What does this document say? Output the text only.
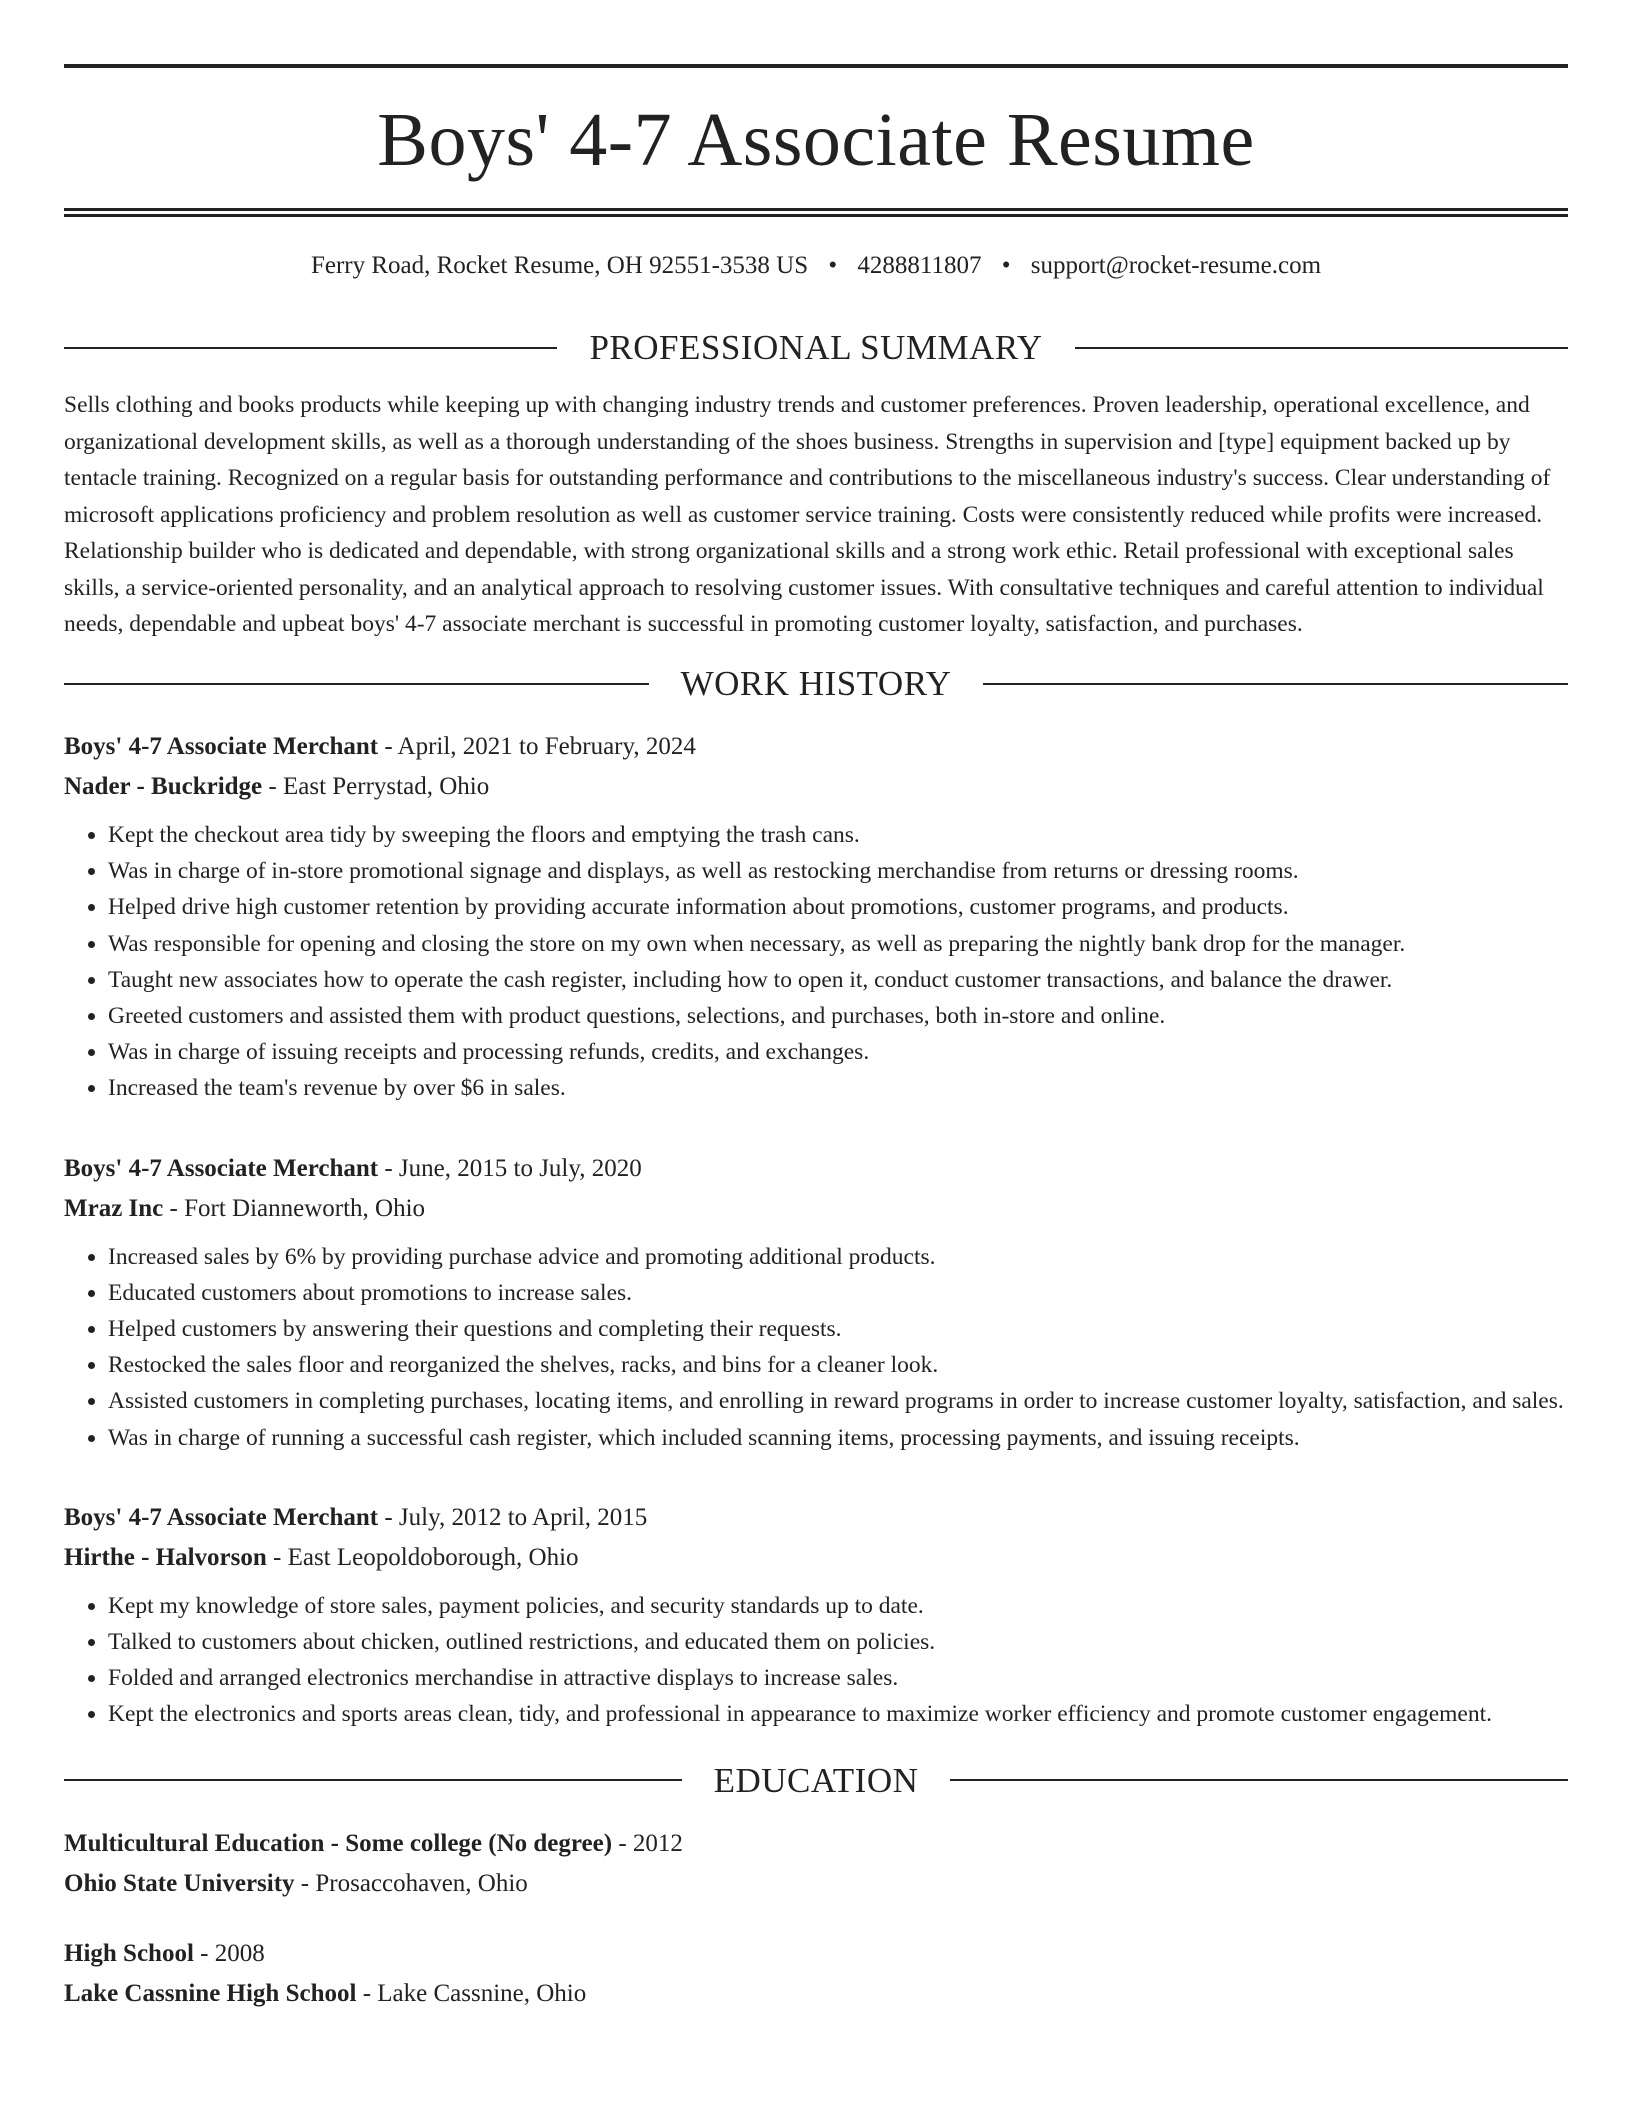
Boys' 4-7 Associate Resume
Ferry Road, Rocket Resume, OH 92551-3538 US • 4288811807 • support@rocket-resume.com
PROFESSIONAL SUMMARY

Sells clothing and books products while keeping up with changing industry trends and customer preferences. Proven leadership, operational excellence, and organizational development skills, as well as a thorough understanding of the shoes business. Strengths in supervision and [type] equipment backed up by tentacle training. Recognized on a regular basis for outstanding performance and contributions to the miscellaneous industry's success. Clear understanding of microsoft applications proficiency and problem resolution as well as customer service training. Costs were consistently reduced while profits were increased. Relationship builder who is dedicated and dependable, with strong organizational skills and a strong work ethic. Retail professional with exceptional sales skills, a service-oriented personality, and an analytical approach to resolving customer issues. With consultative techniques and careful attention to individual needs, dependable and upbeat boys' 4-7 associate merchant is successful in promoting customer loyalty, satisfaction, and purchases.

WORK HISTORY
Boys' 4-7 Associate Merchant - April, 2021 to February, 2024
Nader - Buckridge - East Perrystad, Ohio
• Kept the checkout area tidy by sweeping the floors and emptying the trash cans.
• Was in charge of in-store promotional signage and displays, as well as restocking merchandise from returns or dressing rooms.
• Helped drive high customer retention by providing accurate information about promotions, customer programs, and products.
• Was responsible for opening and closing the store on my own when necessary, as well as preparing the nightly bank drop for the manager.
• Taught new associates how to operate the cash register, including how to open it, conduct customer transactions, and balance the drawer.
• Greeted customers and assisted them with product questions, selections, and purchases, both in-store and online.
• Was in charge of issuing receipts and processing refunds, credits, and exchanges.
• Increased the team's revenue by over $6 in sales.
Boys' 4-7 Associate Merchant - June, 2015 to July, 2020
Mraz Inc - Fort Dianneworth, Ohio
• Increased sales by 6% by providing purchase advice and promoting additional products.
• Educated customers about promotions to increase sales.
• Helped customers by answering their questions and completing their requests.
• Restocked the sales floor and reorganized the shelves, racks, and bins for a cleaner look.
• Assisted customers in completing purchases, locating items, and enrolling in reward programs in order to increase customer loyalty, satisfaction, and sales.
• Was in charge of running a successful cash register, which included scanning items, processing payments, and issuing receipts.
Boys' 4-7 Associate Merchant - July, 2012 to April, 2015
Hirthe - Halvorson - East Leopoldoborough, Ohio
• Kept my knowledge of store sales, payment policies, and security standards up to date.
• Talked to customers about chicken, outlined restrictions, and educated them on policies.
• Folded and arranged electronics merchandise in attractive displays to increase sales.
• Kept the electronics and sports areas clean, tidy, and professional in appearance to maximize worker efficiency and promote customer engagement.
EDUCATION
Multicultural Education - Some college (No degree) - 2012
Ohio State University - Prosaccohaven, Ohio
High School - 2008
Lake Cassnine High School - Lake Cassnine, Ohio
